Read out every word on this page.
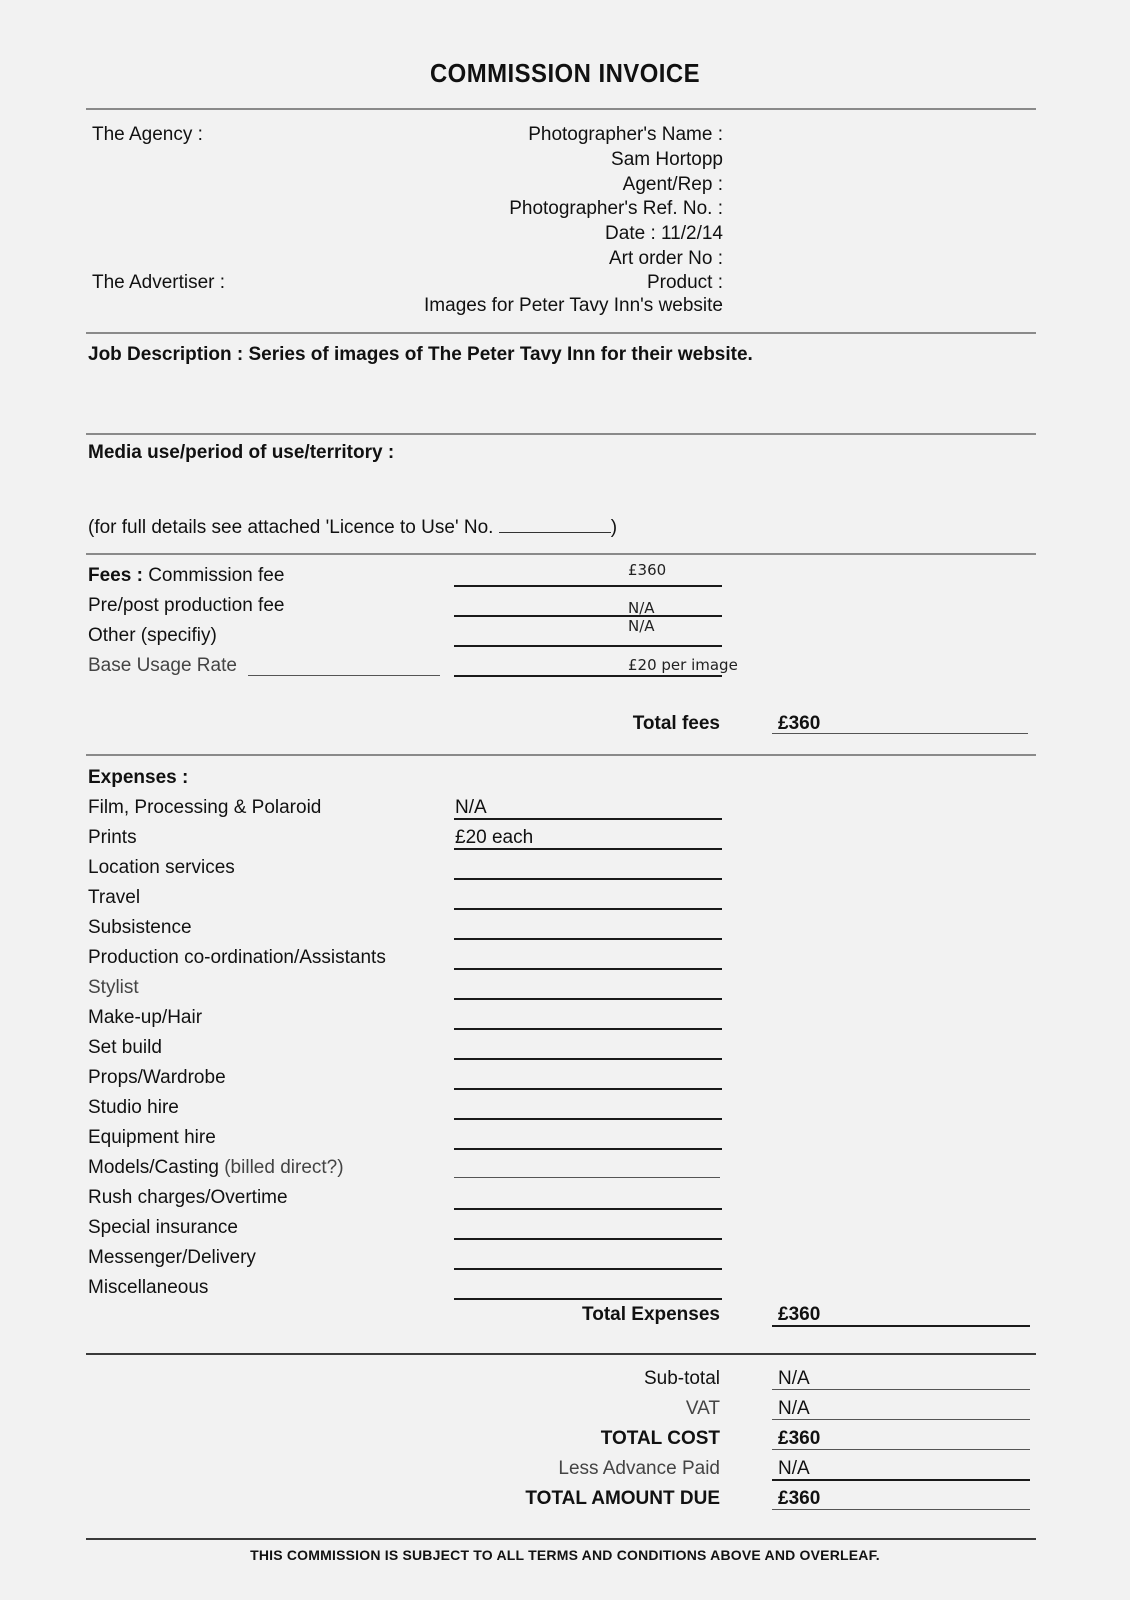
COMMISSION INVOICE
The Agency :
The Advertiser :
Photographer's Name :
Sam Hortopp
Agent/Rep :
Photographer's Ref. No. :
Date : 11/2/14
Art order No :
Product :
Images for Peter Tavy Inn's website
Job Description : Series of images of The Peter Tavy Inn for their website.
Media use/period of use/territory :
(for full details see attached 'Licence to Use' No.	)
Fees : Commission fee	£360
Pre/post production fee	N/A
Other (specifiy)	N/A
Base Usage Rate	£20 per image
Total fees	£360
Expenses :
Film, Processing & Polaroid	N/A
Prints	£20 each
Location services
Travel
Subsistence
Production co-ordination/Assistants
Stylist
Make-up/Hair
Set build
Props/Wardrobe
Studio hire
Equipment hire
Models/Casting (billed direct?)
Rush charges/Overtime
Special insurance
Messenger/Delivery
Miscellaneous
Total Expenses	£360
Sub-total	N/A
VAT	N/A
TOTAL COST	£360
Less Advance Paid	N/A
TOTAL AMOUNT DUE	£360
THIS COMMISSION IS SUBJECT TO ALL TERMS AND CONDITIONS ABOVE AND OVERLEAF.
